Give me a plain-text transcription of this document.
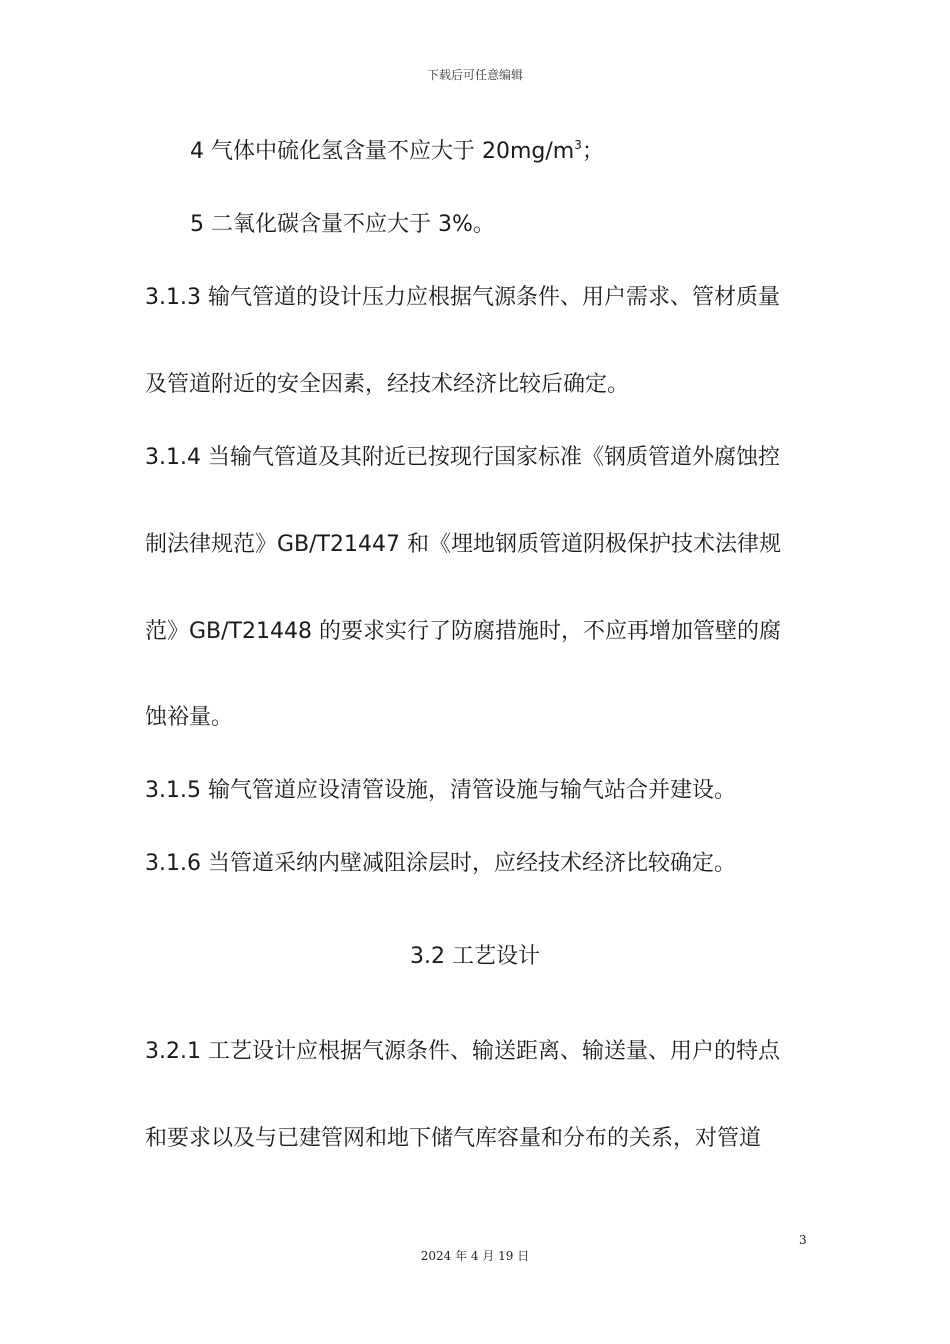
下载后可任意编辑
4 气体中硫化氢含量不应大于 $20mg/m^3$；
5 二氧化碳含量不应大于 3%。
3.1.3 输气管道的设计压力应根据气源条件、用户需求、管材质量
及管道附近的安全因素，经技术经济比较后确定。
3.1.4 当输气管道及其附近已按现行国家标准《钢质管道外腐蚀控
制法律规范》GB/T21447 和《埋地钢质管道阴极保护技术法律规
范》GB/T21448 的要求实行了防腐措施时，不应再增加管壁的腐
蚀裕量。
3.1.5 输气管道应设清管设施，清管设施与输气站合并建设。
3.1.6 当管道采纳内壁减阻涂层时，应经技术经济比较确定。
3.2 工艺设计
3.2.1 工艺设计应根据气源条件、输送距离、输送量、用户的特点
和要求以及与已建管网和地下储气库容量和分布的关系，对管道
3
2024 年 4 月 19 日
